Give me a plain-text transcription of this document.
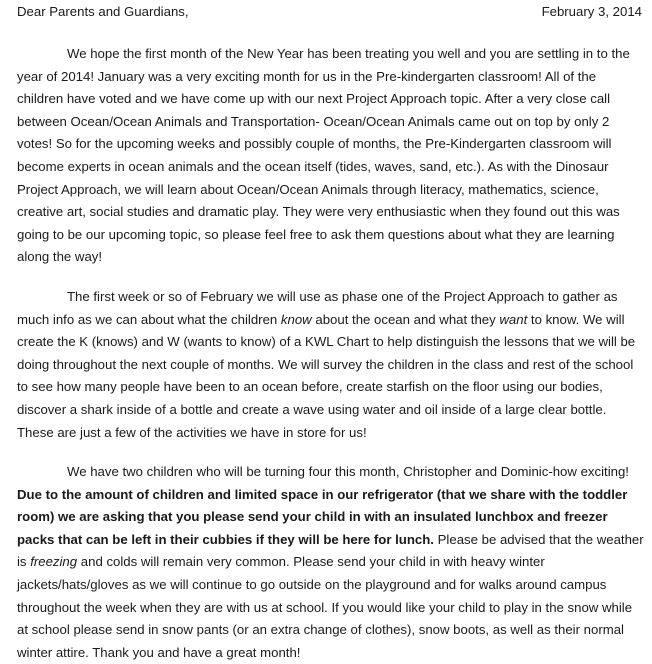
Dear Parents and Guardians,	February 3, 2014

We hope the first month of the New Year has been treating you well and you are settling in to the year of 2014! January was a very exciting month for us in the Pre-kindergarten classroom! All of the children have voted and we have come up with our next Project Approach topic. After a very close call between Ocean/Ocean Animals and Transportation- Ocean/Ocean Animals came out on top by only 2 votes! So for the upcoming weeks and possibly couple of months, the Pre-Kindergarten classroom will become experts in ocean animals and the ocean itself (tides, waves, sand, etc.). As with the Dinosaur Project Approach, we will learn about Ocean/Ocean Animals through literacy, mathematics, science, creative art, social studies and dramatic play. They were very enthusiastic when they found out this was going to be our upcoming topic, so please feel free to ask them questions about what they are learning along the way!

The first week or so of February we will use as phase one of the Project Approach to gather as much info as we can about what the children know about the ocean and what they want to know. We will create the K (knows) and W (wants to know) of a KWL Chart to help distinguish the lessons that we will be doing throughout the next couple of months. We will survey the children in the class and rest of the school to see how many people have been to an ocean before, create starfish on the floor using our bodies, discover a shark inside of a bottle and create a wave using water and oil inside of a large clear bottle. These are just a few of the activities we have in store for us!

We have two children who will be turning four this month, Christopher and Dominic-how exciting! Due to the amount of children and limited space in our refrigerator (that we share with the toddler room) we are asking that you please send your child in with an insulated lunchbox and freezer packs that can be left in their cubbies if they will be here for lunch. Please be advised that the weather is freezing and colds will remain very common. Please send your child in with heavy winter jackets/hats/gloves as we will continue to go outside on the playground and for walks around campus throughout the week when they are with us at school. If you would like your child to play in the snow while at school please send in snow pants (or an extra change of clothes), snow boots, as well as their normal winter attire. Thank you and have a great month!
